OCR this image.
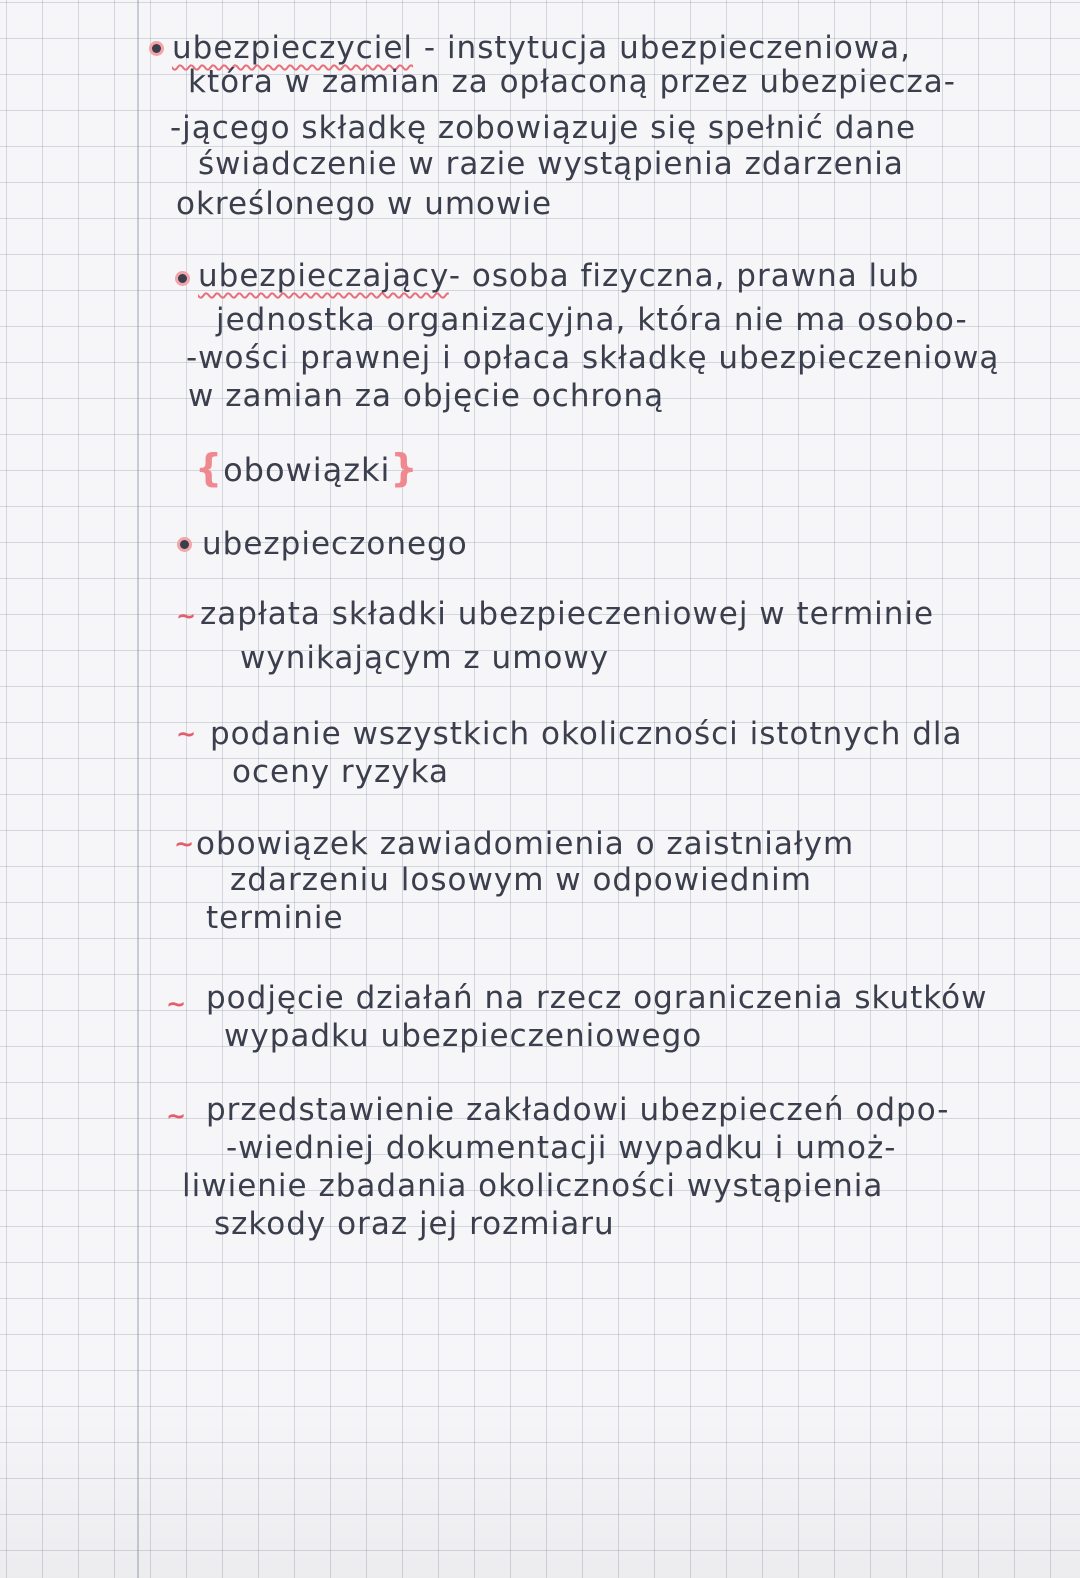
ubezpieczyciel - instytucja ubezpieczeniowa,

która w zamian za opłaconą przez ubezpiecza-

-jącego składkę zobowiązuje się spełnić dane

świadczenie w razie wystąpienia zdarzenia

określonego w umowie

ubezpieczający- osoba fizyczna, prawna lub

jednostka organizacyjna, która nie ma osobo-

-wości prawnej i opłaca składkę ubezpieczeniową

w zamian za objęcie ochroną

{obowiązki}

ubezpieczonego

~ zapłata składki ubezpieczeniowej w terminie

wynikającym z umowy

~ podanie wszystkich okoliczności istotnych dla

oceny ryzyka

~ obowiązek zawiadomienia o zaistniałym

zdarzeniu losowym w odpowiednim

terminie

~ podjęcie działań na rzecz ograniczenia skutków

wypadku ubezpieczeniowego

~ przedstawienie zakładowi ubezpieczeń odpo-

-wiedniej dokumentacji wypadku i umoż-

liwienie zbadania okoliczności wystąpienia

szkody oraz jej rozmiaru
